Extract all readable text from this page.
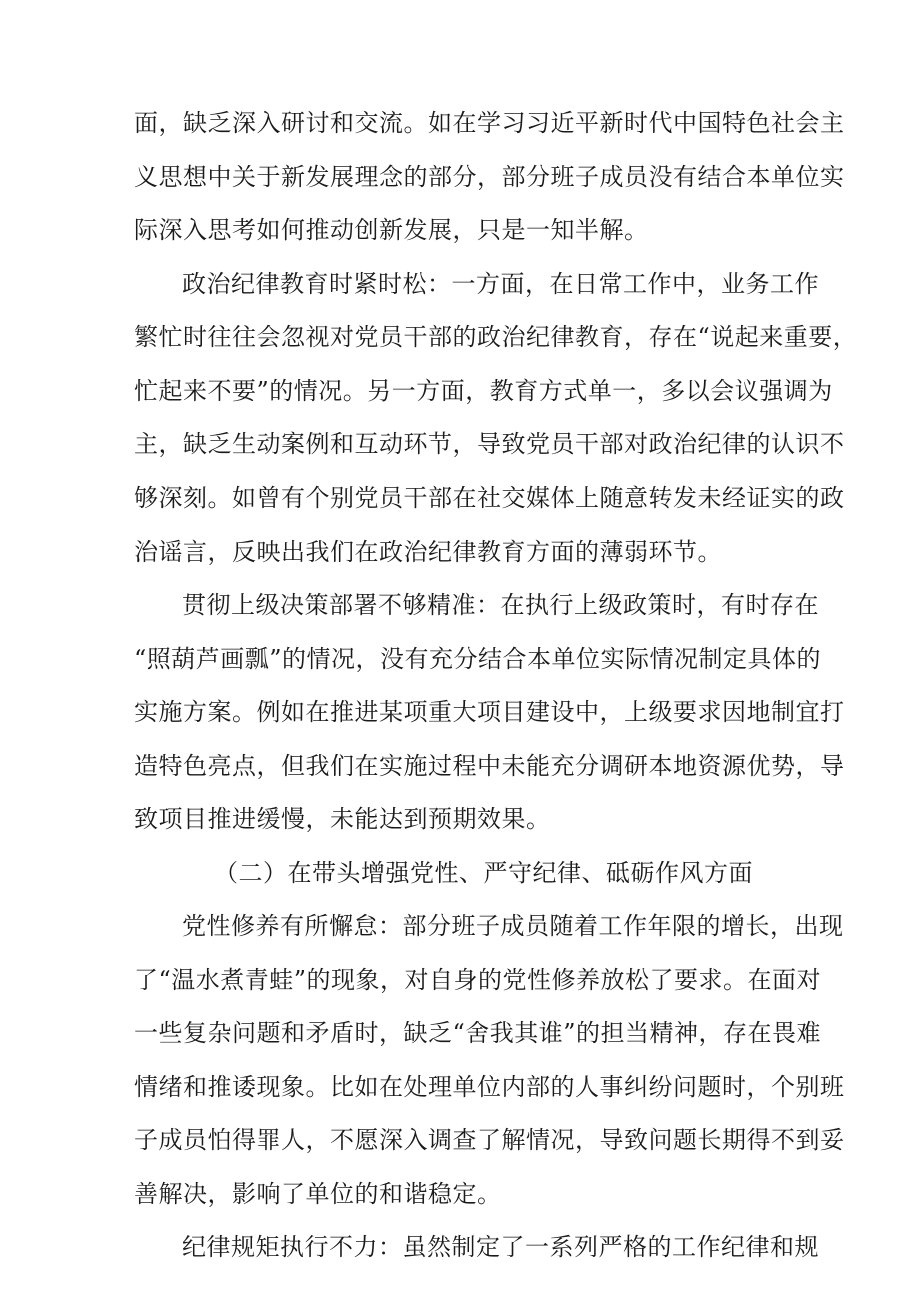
面，缺乏深入研讨和交流。如在学习习近平新时代中国特色社会主
义思想中关于新发展理念的部分，部分班子成员没有结合本单位实
际深入思考如何推动创新发展，只是一知半解。
政治纪律教育时紧时松：一方面，在日常工作中，业务工作
繁忙时往往会忽视对党员干部的政治纪律教育，存在“说起来重要，
忙起来不要”的情况。另一方面，教育方式单一，多以会议强调为
主，缺乏生动案例和互动环节，导致党员干部对政治纪律的认识不
够深刻。如曾有个别党员干部在社交媒体上随意转发未经证实的政
治谣言，反映出我们在政治纪律教育方面的薄弱环节。
贯彻上级决策部署不够精准：在执行上级政策时，有时存在
“照葫芦画瓢”的情况，没有充分结合本单位实际情况制定具体的
实施方案。例如在推进某项重大项目建设中，上级要求因地制宜打
造特色亮点，但我们在实施过程中未能充分调研本地资源优势，导
致项目推进缓慢，未能达到预期效果。
（二）在带头增强党性、严守纪律、砥砺作风方面
党性修养有所懈怠：部分班子成员随着工作年限的增长，出现
了“温水煮青蛙”的现象，对自身的党性修养放松了要求。在面对
一些复杂问题和矛盾时，缺乏“舍我其谁”的担当精神，存在畏难
情绪和推诿现象。比如在处理单位内部的人事纠纷问题时，个别班
子成员怕得罪人，不愿深入调查了解情况，导致问题长期得不到妥
善解决，影响了单位的和谐稳定。
纪律规矩执行不力：虽然制定了一系列严格的工作纪律和规
